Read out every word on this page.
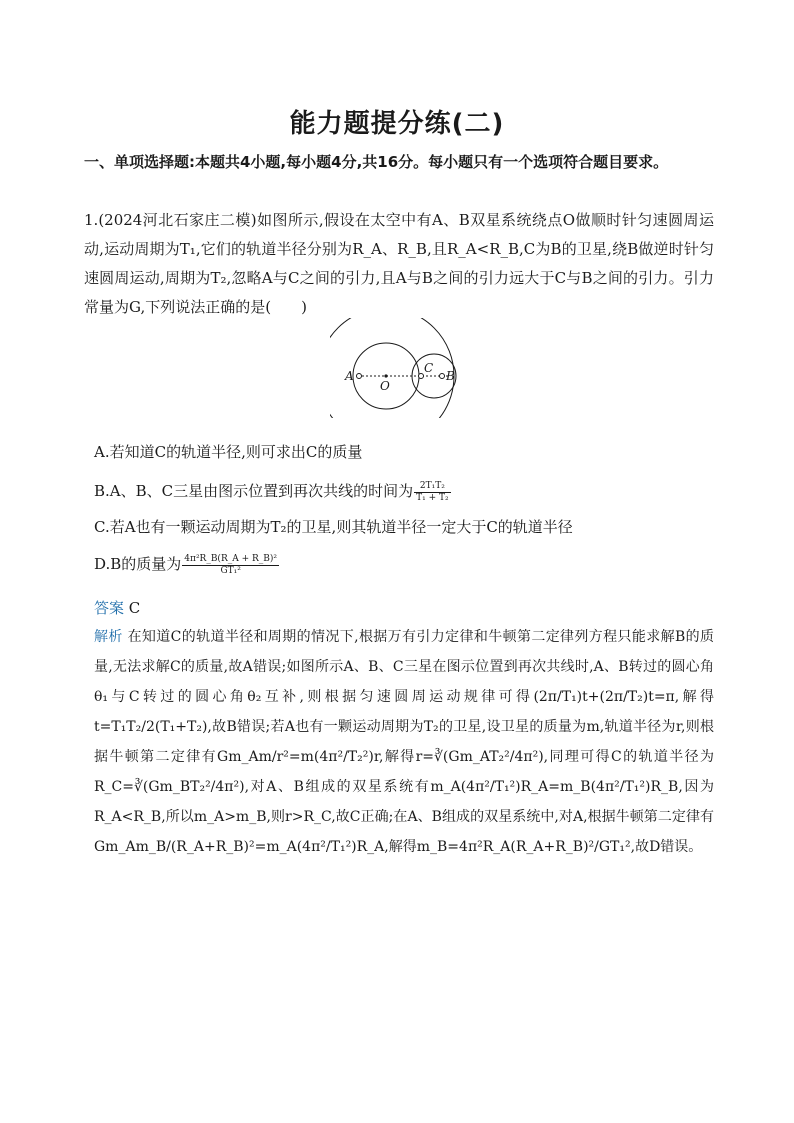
能力题提分练(二)
一、单项选择题:本题共4小题,每小题4分,共16分。每小题只有一个选项符合题目要求。
1.(2024河北石家庄二模)如图所示,假设在太空中有A、B双星系统绕点O做顺时针匀速圆周运动,运动周期为T₁,它们的轨道半径分别为R_A、R_B,且R_A<R_B,C为B的卫星,绕B做逆时针匀速圆周运动,周期为T₂,忽略A与C之间的引力,且A与B之间的引力远大于C与B之间的引力。引力常量为G,下列说法正确的是(　　)
A
O
C
B
A.若知道C的轨道半径,则可求出C的质量
B.A、B、C三星由图示位置到再次共线的时间为 $\frac{\text{2T₁T₂}}{\text{T₁ + T₂}}$
C.若A也有一颗运动周期为T₂的卫星,则其轨道半径一定大于C的轨道半径
D.B的质量为 $\frac{\text{4π²R\_B(R\_A + R\_B)²}}{\text{GT₁²}}$
答案 C
解析 在知道C的轨道半径和周期的情况下,根据万有引力定律和牛顿第二定律列方程只能求解B的质量,无法求解C的质量,故A错误;如图所示A、B、C三星在图示位置到再次共线时,A、B转过的圆心角θ₁与C转过的圆心角θ₂互补,则根据匀速圆周运动规律可得(2π/T₁)t+(2π/T₂)t=π,解得t=T₁T₂/2(T₁+T₂),故B错误;若A也有一颗运动周期为T₂的卫星,设卫星的质量为m,轨道半径为r,则根据牛顿第二定律有Gm_Am/r²=m(4π²/T₂²)r,解得r=∛(Gm_AT₂²/4π²),同理可得C的轨道半径为R_C=∛(Gm_BT₂²/4π²),对A、B组成的双星系统有m_A(4π²/T₁²)R_A=m_B(4π²/T₁²)R_B,因为R_A<R_B,所以m_A>m_B,则r>R_C,故C正确;在A、B组成的双星系统中,对A,根据牛顿第二定律有Gm_Am_B/(R_A+R_B)²=m_A(4π²/T₁²)R_A,解得m_B=4π²R_A(R_A+R_B)²/GT₁²,故D错误。
